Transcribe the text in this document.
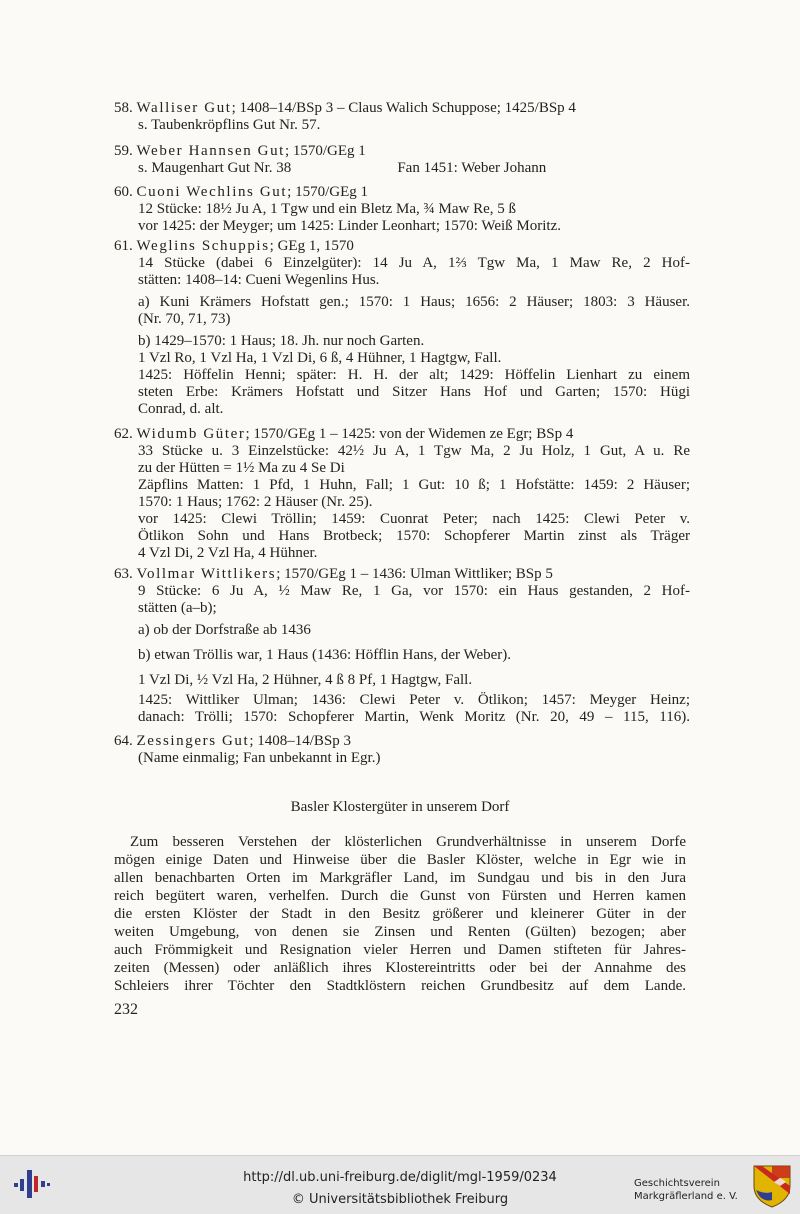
58. Walliser Gut; 1408–14/BSp 3 – Claus Walich Schuppose; 1425/BSp 4
s. Taubenkröpflins Gut Nr. 57.
59. Weber Hannsen Gut; 1570/GEg 1
s. Maugenhart Gut Nr. 38	Fan 1451: Weber Johann
60. Cuoni Wechlins Gut; 1570/GEg 1
12 Stücke: 18½ Ju A, 1 Tgw und ein Bletz Ma, ¾ Maw Re, 5 ß
vor 1425: der Meyger; um 1425: Linder Leonhart; 1570: Weiß Moritz.
61. Weglins Schuppis; GEg 1, 1570
14 Stücke (dabei 6 Einzelgüter): 14 Ju A, 1⅔ Tgw Ma, 1 Maw Re, 2 Hof-
stätten: 1408–14: Cueni Wegenlins Hus.
a) Kuni Krämers Hofstatt gen.; 1570: 1 Haus; 1656: 2 Häuser; 1803: 3 Häuser.
(Nr. 70, 71, 73)
b) 1429–1570: 1 Haus; 18. Jh. nur noch Garten.
1 Vzl Ro, 1 Vzl Ha, 1 Vzl Di, 6 ß, 4 Hühner, 1 Hagtgw, Fall.
1425: Höffelin Henni; später: H. H. der alt; 1429: Höffelin Lienhart zu einem
steten Erbe: Krämers Hofstatt und Sitzer Hans Hof und Garten; 1570: Hügi
Conrad, d. alt.
62. Widumb Güter; 1570/GEg 1 – 1425: von der Widemen ze Egr; BSp 4
33 Stücke u. 3 Einzelstücke: 42½ Ju A, 1 Tgw Ma, 2 Ju Holz, 1 Gut, A u. Re
zu der Hütten = 1½ Ma zu 4 Se Di
Zäpflins Matten: 1 Pfd, 1 Huhn, Fall; 1 Gut: 10 ß; 1 Hofstätte: 1459: 2 Häuser;
1570: 1 Haus; 1762: 2 Häuser (Nr. 25).
vor 1425: Clewi Tröllin; 1459: Cuonrat Peter; nach 1425: Clewi Peter v.
Ötlikon Sohn und Hans Brotbeck; 1570: Schopferer Martin zinst als Träger
4 Vzl Di, 2 Vzl Ha, 4 Hühner.
63. Vollmar Wittlikers; 1570/GEg 1 – 1436: Ulman Wittliker; BSp 5
9 Stücke: 6 Ju A, ½ Maw Re, 1 Ga, vor 1570: ein Haus gestanden, 2 Hof-
stätten (a–b);
a) ob der Dorfstraße ab 1436
b) etwan Tröllis war, 1 Haus (1436: Höfflin Hans, der Weber).
1 Vzl Di, ½ Vzl Ha, 2 Hühner, 4 ß 8 Pf, 1 Hagtgw, Fall.
1425: Wittliker Ulman; 1436: Clewi Peter v. Ötlikon; 1457: Meyger Heinz;
danach: Trölli; 1570: Schopferer Martin, Wenk Moritz (Nr. 20, 49 – 115, 116).
64. Zessingers Gut; 1408–14/BSp 3
(Name einmalig; Fan unbekannt in Egr.)
Basler Klostergüter in unserem Dorf
Zum besseren Verstehen der klösterlichen Grundverhältnisse in unserem Dorfe
mögen einige Daten und Hinweise über die Basler Klöster, welche in Egr wie in
allen benachbarten Orten im Markgräfler Land, im Sundgau und bis in den Jura
reich begütert waren, verhelfen. Durch die Gunst von Fürsten und Herren kamen
die ersten Klöster der Stadt in den Besitz größerer und kleinerer Güter in der
weiten Umgebung, von denen sie Zinsen und Renten (Gülten) bezogen; aber
auch Frömmigkeit und Resignation vieler Herren und Damen stifteten für Jahres-
zeiten (Messen) oder anläßlich ihres Klostereintritts oder bei der Annahme des
Schleiers ihrer Töchter den Stadtklöstern reichen Grundbesitz auf dem Lande.
232
http://dl.ub.uni-freiburg.de/diglit/mgl-1959/0234
© Universitätsbibliothek Freiburg
Geschichtsverein
Markgräflerland e. V.
